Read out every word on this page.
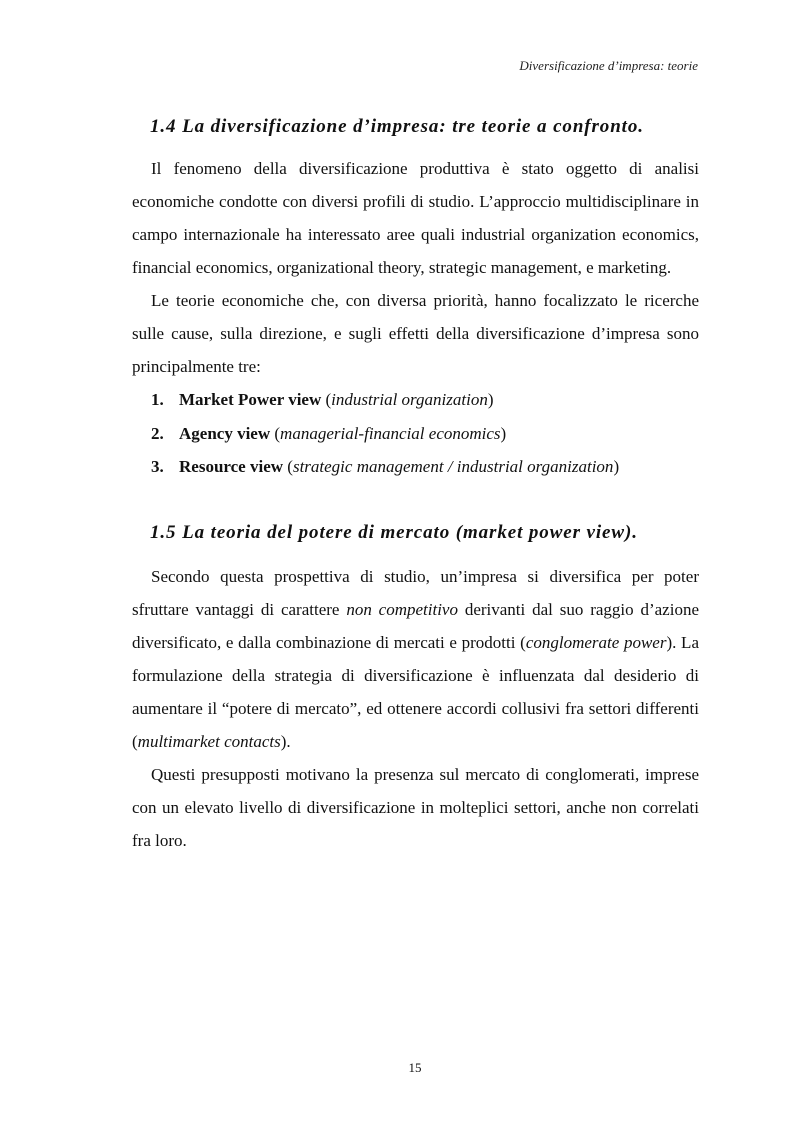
Diversificazione d’impresa: teorie
1.4 La diversificazione d’impresa: tre teorie a confronto.

Il fenomeno della diversificazione produttiva è stato oggetto di analisi economiche condotte con diversi profili di studio. L’approccio multidisciplinare in campo internazionale ha interessato aree quali industrial organization economics, financial economics, organizational theory, strategic management, e marketing.

Le teorie economiche che, con diversa priorità, hanno focalizzato le ricerche sulle cause, sulla direzione, e sugli effetti della diversificazione d’impresa sono principalmente tre:

1. Market Power view (industrial organization)
2. Agency view (managerial-financial economics)
3. Resource view (strategic management / industrial organization)
1.5 La teoria del potere di mercato (market power view).

Secondo questa prospettiva di studio, un’impresa si diversifica per poter sfruttare vantaggi di carattere non competitivo derivanti dal suo raggio d’azione diversificato, e dalla combinazione di mercati e prodotti (conglomerate power). La formulazione della strategia di diversificazione è influenzata dal desiderio di aumentare il “potere di mercato”, ed ottenere accordi collusivi fra settori differenti (multimarket contacts).

Questi presupposti motivano la presenza sul mercato di conglomerati, imprese con un elevato livello di diversificazione in molteplici settori, anche non correlati fra loro.

15
